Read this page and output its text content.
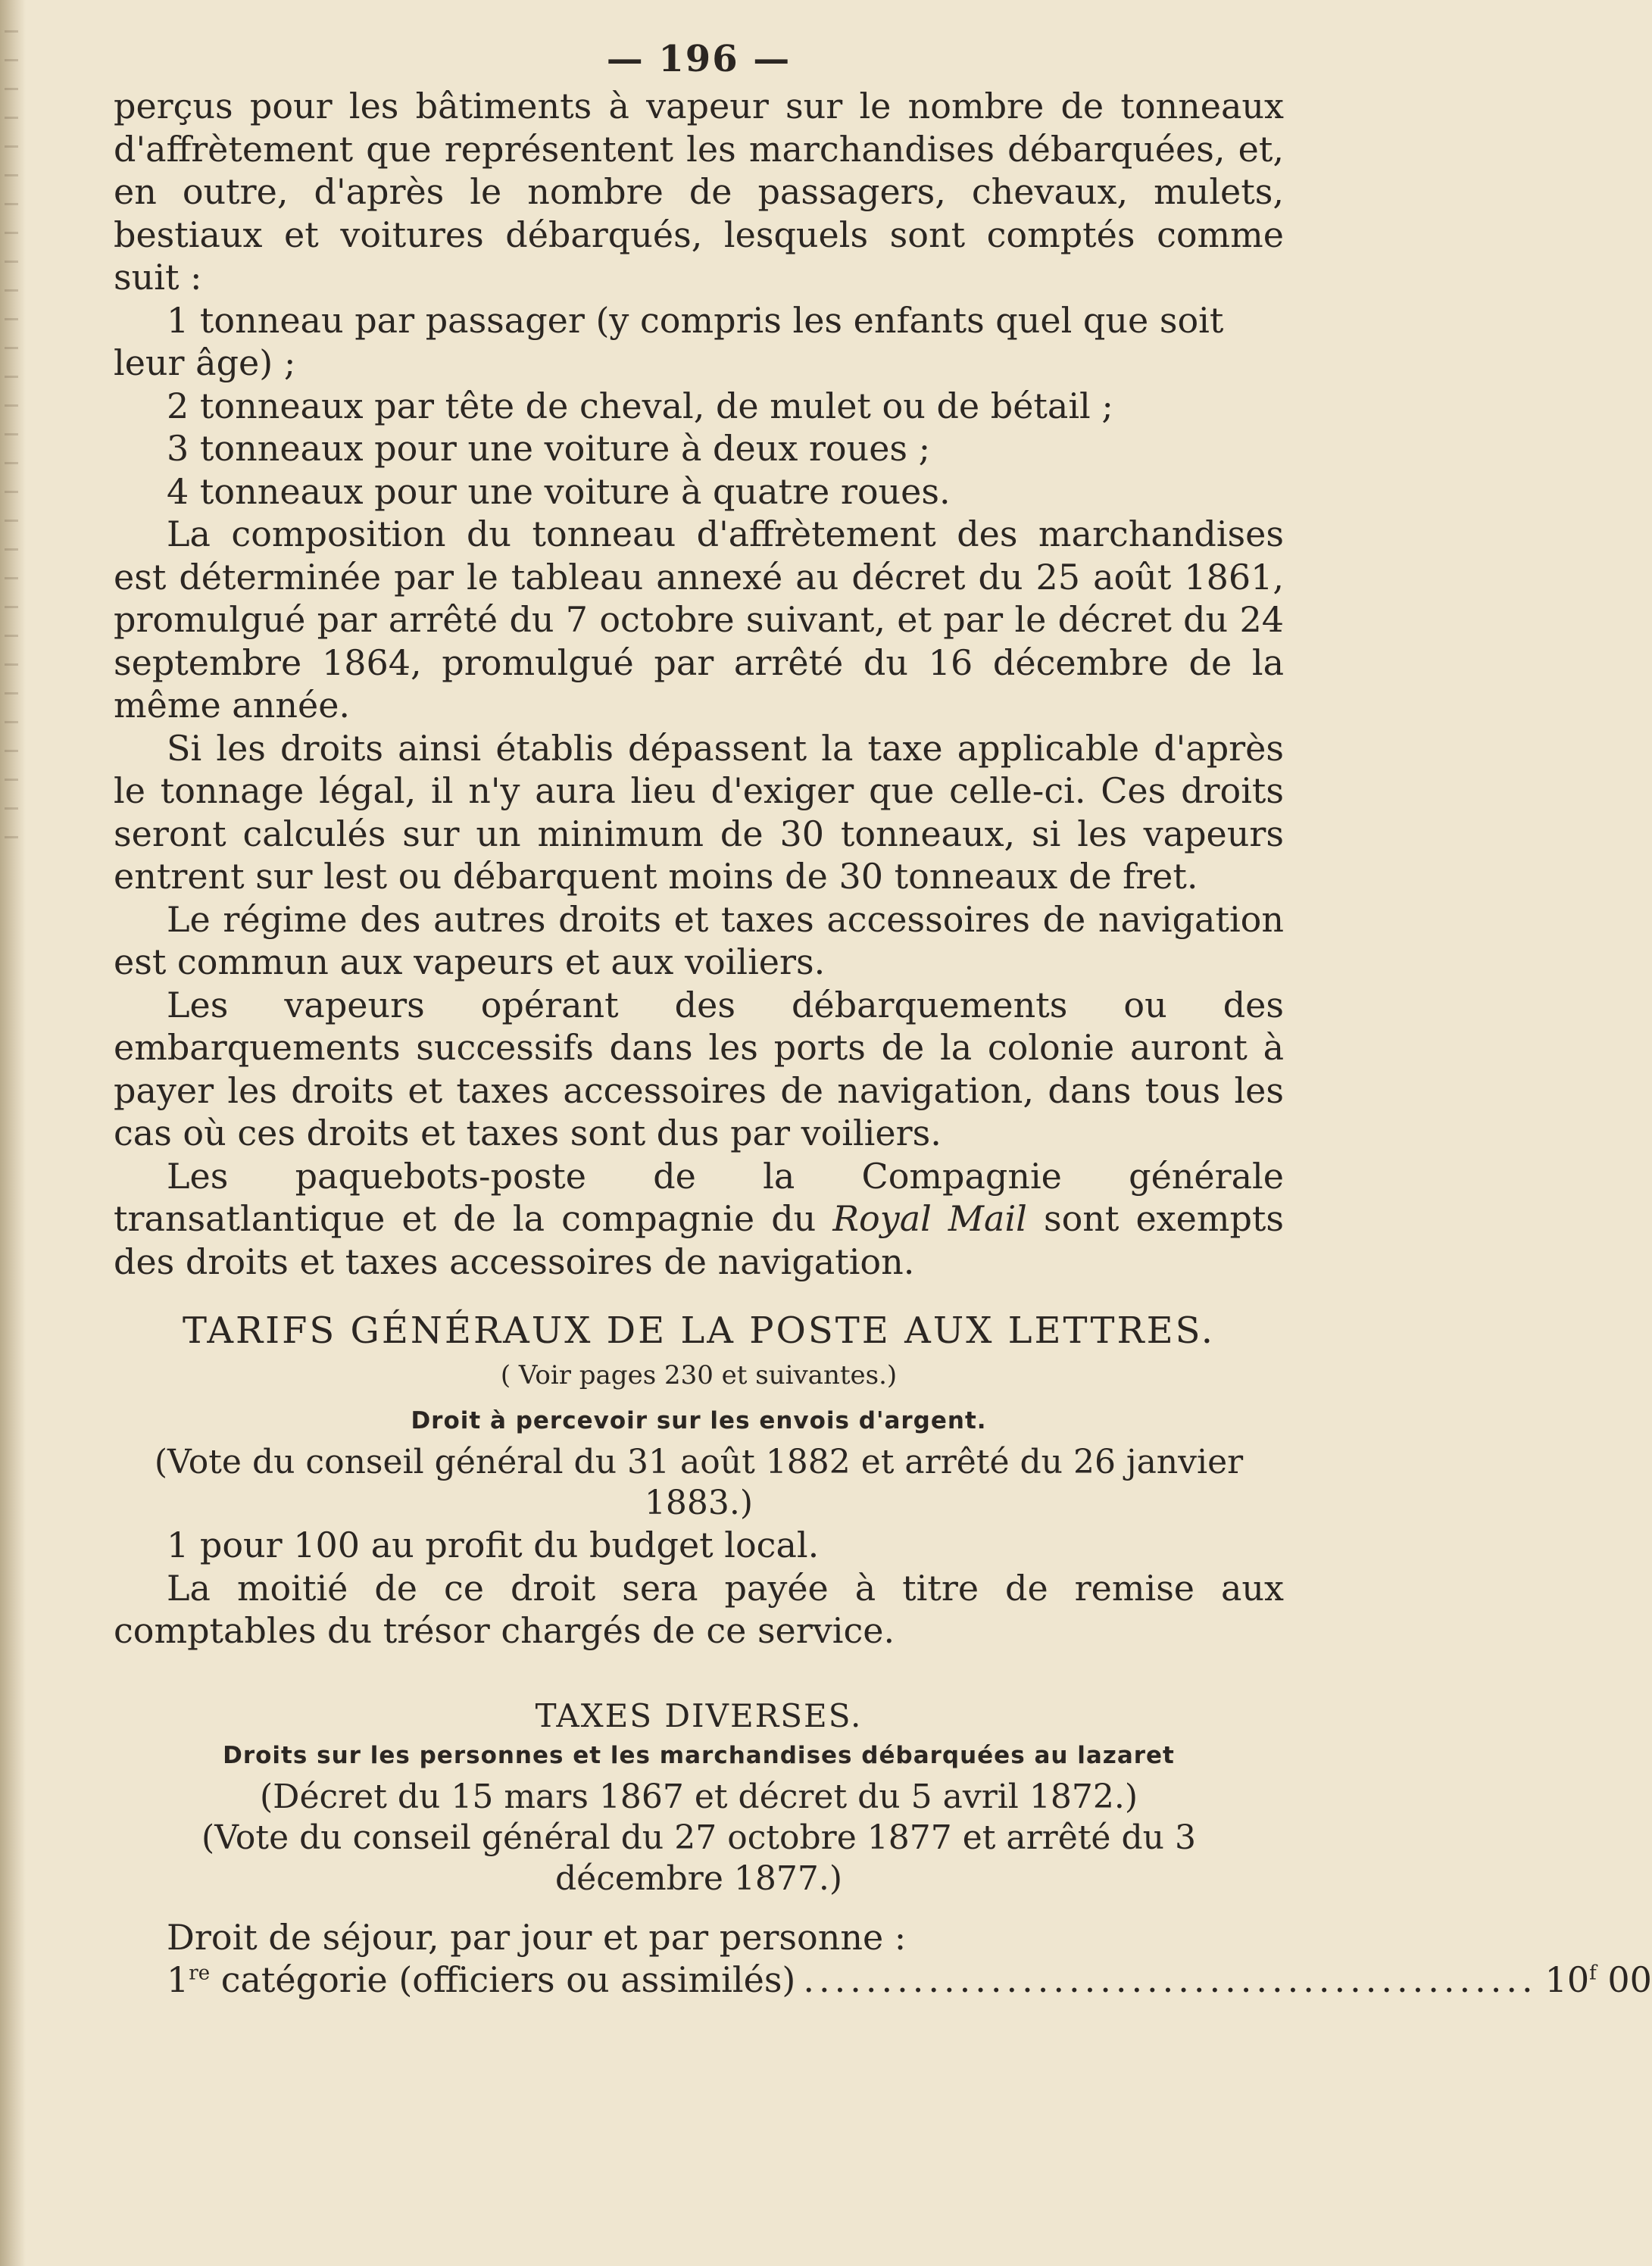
— 196 —

perçus pour les bâtiments à vapeur sur le nombre de tonneaux d'affrètement que représentent les marchandises débarquées, et, en outre, d'après le nombre de passagers, chevaux, mulets, bestiaux et voitures débarqués, lesquels sont comptés comme suit :

1 tonneau par passager (y compris les enfants quel que soit

leur âge) ;

2 tonneaux par tête de cheval, de mulet ou de bétail ;

3 tonneaux pour une voiture à deux roues ;

4 tonneaux pour une voiture à quatre roues.

La composition du tonneau d'affrètement des marchandises est déterminée par le tableau annexé au décret du 25 août 1861, promulgué par arrêté du 7 octobre suivant, et par le décret du 24 septembre 1864, promulgué par arrêté du 16 décembre de la même année.

Si les droits ainsi établis dépassent la taxe applicable d'après le tonnage légal, il n'y aura lieu d'exiger que celle-ci. Ces droits seront calculés sur un minimum de 30 tonneaux, si les vapeurs entrent sur lest ou débarquent moins de 30 tonneaux de fret.

Le régime des autres droits et taxes accessoires de navigation est commun aux vapeurs et aux voiliers.

Les vapeurs opérant des débarquements ou des embarquements successifs dans les ports de la colonie auront à payer les droits et taxes accessoires de navigation, dans tous les cas où ces droits et taxes sont dus par voiliers.

Les paquebots-poste de la Compagnie générale transatlantique et de la compagnie du Royal Mail sont exempts des droits et taxes accessoires de navigation.

TARIFS GÉNÉRAUX DE LA POSTE AUX LETTRES.
( Voir pages 230 et suivantes.)
Droit à percevoir sur les envois d'argent.

(Vote du conseil général du 31 août 1882 et arrêté du 26 janvier 1883.)

1 pour 100 au profit du budget local.

La moitié de ce droit sera payée à titre de remise aux comptables du trésor chargés de ce service.

TAXES DIVERSES.
Droits sur les personnes et les marchandises débarquées au lazaret

(Décret du 15 mars 1867 et décret du 5 avril 1872.)

(Vote du conseil général du 27 octobre 1877 et arrêté du 3 décembre 1877.)

Droit de séjour, par jour et par personne :

1re catégorie (officiers ou assimilés) ............................................... 10$^f$ 00
